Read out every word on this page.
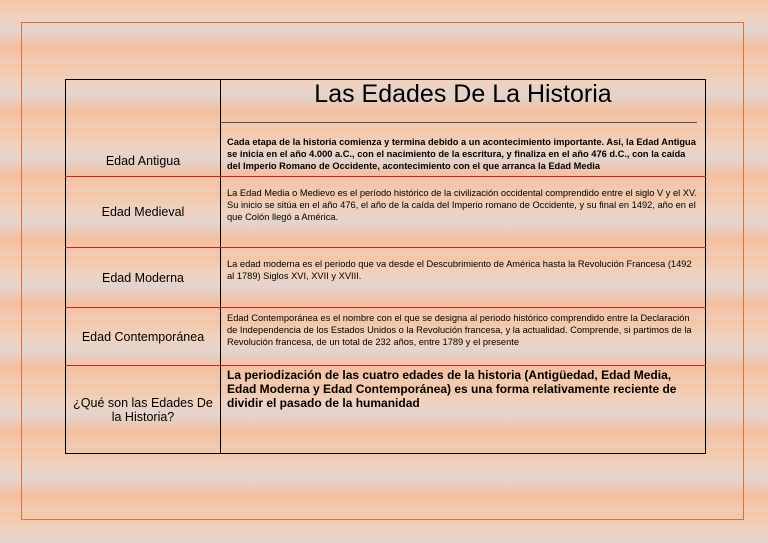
	Las Edades De La Historia

Edad Antigua	Cada etapa de la historia comienza y termina debido a un acontecimiento importante. Así, la Edad Antigua se inicia en el año 4.000 a.C., con el nacimiento de la escritura, y finaliza en el año 476 d.C., con la caída del Imperio Romano de Occidente, acontecimiento con el que arranca la Edad Media

Edad Medieval	La Edad Media o Medievo es el período histórico de la civilización occidental comprendido entre el siglo V y el XV. Su inicio se sitúa en el año 476, el año de la caída del Imperio romano de Occidente, y su final en 1492, año en el que Colón llegó a América.

Edad Moderna	La edad moderna es el periodo que va desde el Descubrimiento de América hasta la Revolución Francesa (1492 al 1789) Siglos XVI, XVII y XVIII.

Edad Contemporánea	Edad Contemporánea es el nombre con el que se designa al periodo histórico comprendido entre la Declaración de Independencia de los Estados Unidos o la Revolución francesa, y la actualidad. Comprende, si partimos de la Revolución francesa, de un total de 232 años, entre 1789 y el presente

¿Qué son las Edades De la Historia?	La periodización de las cuatro edades de la historia (Antigüedad, Edad Media, Edad Moderna y Edad Contemporánea) es una forma relativamente reciente de dividir el pasado de la humanidad
